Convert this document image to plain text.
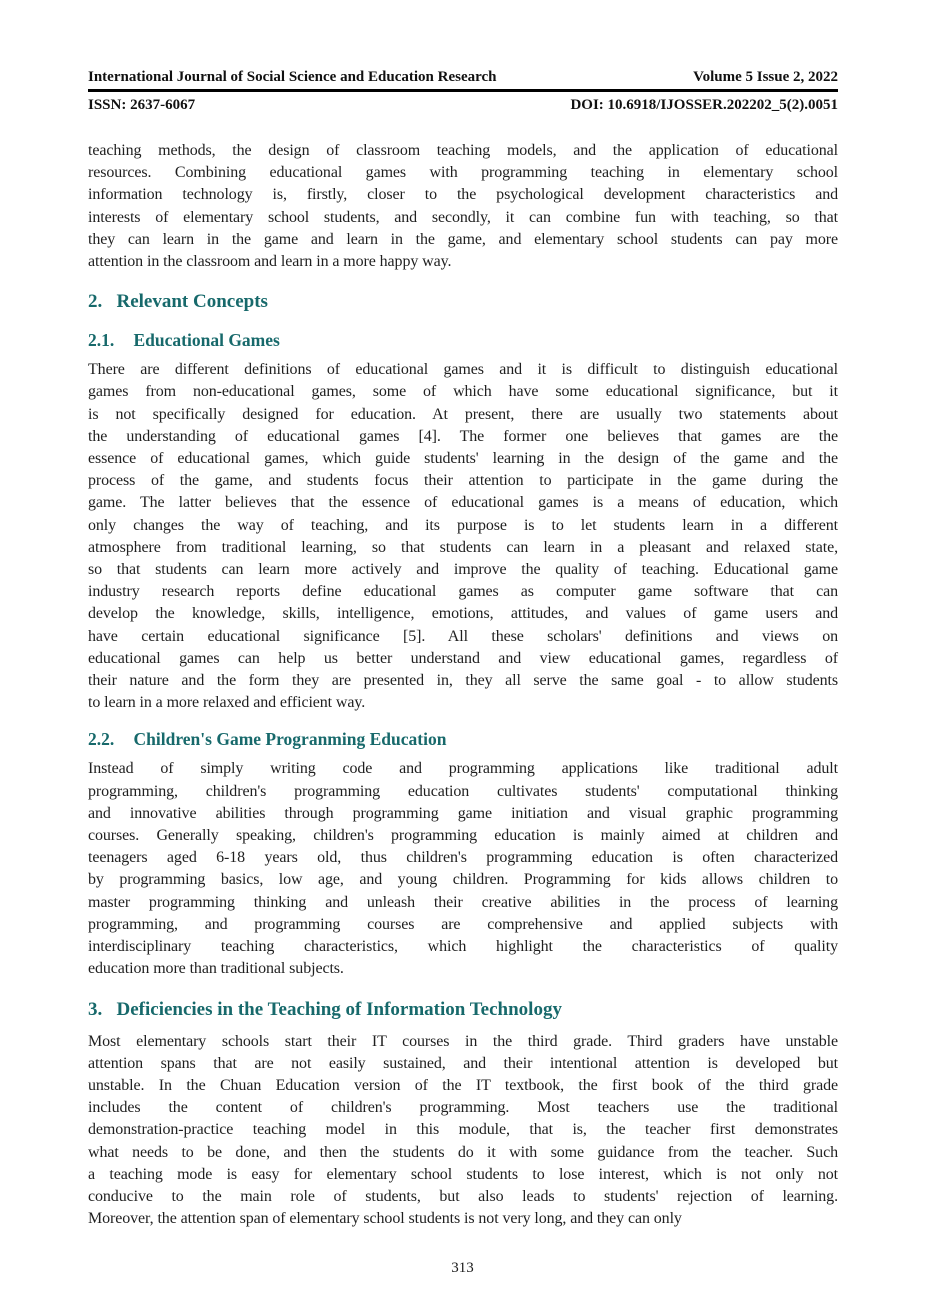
International Journal of Social Science and Education Research	Volume 5 Issue 2, 2022
ISSN: 2637-6067	DOI: 10.6918/IJOSSER.202202_5(2).0051
teaching methods, the design of classroom teaching models, and the application of educational
resources. Combining educational games with programming teaching in elementary school
information technology is, firstly, closer to the psychological development characteristics and
interests of elementary school students, and secondly, it can combine fun with teaching, so that
they can learn in the game and learn in the game, and elementary school students can pay more
attention in the classroom and learn in a more happy way.
2. Relevant Concepts
2.1. Educational Games
There are different definitions of educational games and it is difficult to distinguish educational
games from non-educational games, some of which have some educational significance, but it
is not specifically designed for education. At present, there are usually two statements about
the understanding of educational games [4]. The former one believes that games are the
essence of educational games, which guide students' learning in the design of the game and the
process of the game, and students focus their attention to participate in the game during the
game. The latter believes that the essence of educational games is a means of education, which
only changes the way of teaching, and its purpose is to let students learn in a different
atmosphere from traditional learning, so that students can learn in a pleasant and relaxed state,
so that students can learn more actively and improve the quality of teaching. Educational game
industry research reports define educational games as computer game software that can
develop the knowledge, skills, intelligence, emotions, attitudes, and values of game users and
have certain educational significance [5]. All these scholars' definitions and views on
educational games can help us better understand and view educational games, regardless of
their nature and the form they are presented in, they all serve the same goal - to allow students
to learn in a more relaxed and efficient way.
2.2. Children's Game Progranming Education
Instead of simply writing code and programming applications like traditional adult
programming, children's programming education cultivates students' computational thinking
and innovative abilities through programming game initiation and visual graphic programming
courses. Generally speaking, children's programming education is mainly aimed at children and
teenagers aged 6-18 years old, thus children's programming education is often characterized
by programming basics, low age, and young children. Programming for kids allows children to
master programming thinking and unleash their creative abilities in the process of learning
programming, and programming courses are comprehensive and applied subjects with
interdisciplinary teaching characteristics, which highlight the characteristics of quality
education more than traditional subjects.
3. Deficiencies in the Teaching of Information Technology
Most elementary schools start their IT courses in the third grade. Third graders have unstable
attention spans that are not easily sustained, and their intentional attention is developed but
unstable. In the Chuan Education version of the IT textbook, the first book of the third grade
includes the content of children's programming. Most teachers use the traditional
demonstration-practice teaching model in this module, that is, the teacher first demonstrates
what needs to be done, and then the students do it with some guidance from the teacher. Such
a teaching mode is easy for elementary school students to lose interest, which is not only not
conducive to the main role of students, but also leads to students' rejection of learning.
Moreover, the attention span of elementary school students is not very long, and they can only
313
